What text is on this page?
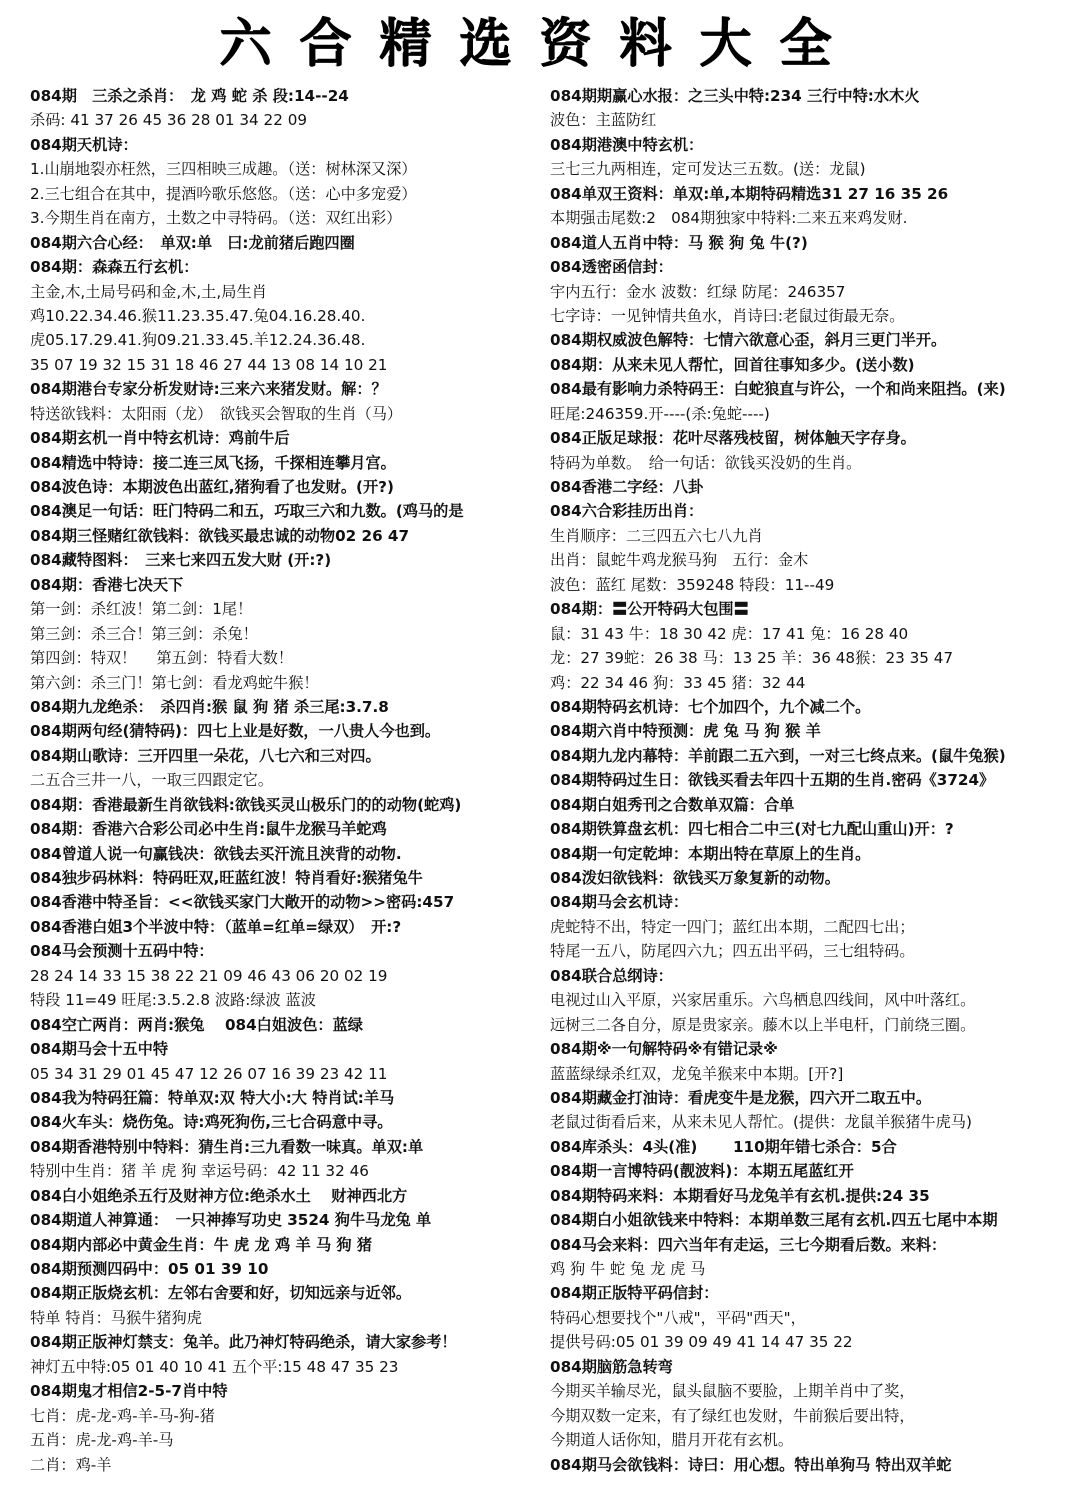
六合精选资料大全
084期　三杀之杀肖：　龙 鸡 蛇 杀 段:14--24
杀码: 41 37 26 45 36 28 01 34 22 09
084期天机诗：
1.山崩地裂亦枉然，三四相映三成趣。（送：树林深又深）
2.三七组合在其中，提酒吟歌乐悠悠。（送：心中多宠爱）
3.今期生肖在南方，土数之中寻特码。（送：双红出彩）
084期六合心经：　单双:单　曰:龙前猪后跑四圈
084期：森森五行玄机：
主金,木,土局号码和金,木,土,局生肖
鸡10.22.34.46.猴11.23.35.47.兔04.16.28.40.
虎05.17.29.41.狗09.21.33.45.羊12.24.36.48.
35 07 19 32 15 31 18 46 27 44 13 08 14 10 21
084期港台专家分析发财诗:三来六来猪发财。解：？
特送欲钱料：太阳雨（龙）　欲钱买会智取的生肖（马）
084期玄机一肖中特玄机诗：鸡前牛后
084精选中特诗：接二连三凤飞扬，千探相连攀月宫。
084波色诗：本期波色出蓝红,猪狗看了也发财。(开?)
084澳足一句话：旺门特码二和五，巧取三六和九数。(鸡马的是
084期三怪赌红欲钱料：欲钱买最忠诚的动物02 26 47
084藏特图料：　三来七来四五发大财 (开:?)
084期：香港七决天下
第一剑：杀红波！第二剑：1尾！
第三剑：杀三合！第三剑：杀兔！
第四剑：特双！　 第五剑：特看大数！
第六剑：杀三门！第七剑：看龙鸡蛇牛猴！
084期九龙绝杀：　杀四肖:猴 鼠 狗 猪 杀三尾:3.7.8
084期两句经(猜特码)：四七上业是好数，一八贵人今也到。
084期山歌诗：三开四里一朵花，八七六和三对四。
二五合三井一八，一取三四跟定它。
084期：香港最新生肖欲钱料:欲钱买灵山极乐门的的动物(蛇鸡)
084期：香港六合彩公司必中生肖:鼠牛龙猴马羊蛇鸡
084曾道人说一句赢钱决：欲钱去买汗流且浃背的动物.
084独步码林料：特码旺双,旺蓝红波！特肖看好:猴猪兔牛
084香港中特圣旨：<<欲钱买家门大敞开的动物>>密码:457
084香港白姐3个半波中特：（蓝单=红单=绿双）　开:?
084马会预测十五码中特：
28 24 14 33 15 38 22 21 09 46 43 06 20 02 19
特段 11=49 旺尾:3.5.2.8 波路:绿波 蓝波
084空亡两肖：两肖:猴兔　 084白姐波色：蓝绿
084期马会十五中特
05 34 31 29 01 45 47 12 26 07 16 39 23 42 11
084我为特码狂篇：特单双:双 特大小:大 特肖试:羊马
084火车头：烧伤兔。诗:鸡死狗伤,三七合码意中寻。
084期香港特别中特料：猜生肖:三九看数一味真。单双:单
特别中生肖：猪 羊 虎 狗 幸运号码：42 11 32 46
084白小姐绝杀五行及财神方位:绝杀水土　 财神西北方
084期道人神算通：　一只神捧写功史 3524 狗牛马龙兔 单
084期内部必中黄金生肖：牛 虎 龙 鸡 羊 马 狗 猪
084期预测四码中：05 01 39 10
084期正版烧玄机：左邻右舍要和好，切知远亲与近邻。
特单 特肖：马猴牛猪狗虎
084期正版神灯禁支：兔羊。此乃神灯特码绝杀，请大家参考！
神灯五中特:05 01 40 10 41 五个平:15 48 47 35 23
084期鬼才相信2-5-7肖中特
七肖：虎-龙-鸡-羊-马-狗-猪
五肖：虎-龙-鸡-羊-马
二肖：鸡-羊
084期期赢心水报：之三头中特:234 三行中特:水木火
波色：主蓝防红
084期港澳中特玄机：
三七三九两相连，定可发达三五数。(送：龙鼠)
084单双王资料：单双:单,本期特码精选31 27 16 35 26
本期强击尾数:2　084期独家中特料:二来五来鸡发财.
084道人五肖中特：马 猴 狗 兔 牛(?)
084透密函信封：
宇内五行：金水 波数：红绿 防尾：246357
七字诗：一见钟情共鱼水，肖诗曰:老鼠过街最无奈。
084期权威波色解特：七情六欲意心歪，斜月三更门半开。
084期：从来未见人帮忙，回首往事知多少。(送小数)
084最有影响力杀特码王：白蛇狼直与许公，一个和尚来阻挡。(来)
旺尾:246359.开----(杀:兔蛇----)
084正版足球报：花叶尽落残枝留，树体触天字存身。
特码为单数。　给一句话：欲钱买没奶的生肖。
084香港二字经：八卦
084六合彩挂历出肖：
生肖顺序：二三四五六七八九肖
出肖：鼠蛇牛鸡龙猴马狗　五行：金木
波色：蓝红 尾数：359248 特段：11--49
084期：〓公开特码大包围〓
鼠：31 43 牛：18 30 42 虎：17 41 兔：16 28 40
龙：27 39蛇：26 38 马：13 25 羊：36 48猴：23 35 47
鸡：22 34 46 狗：33 45 猪：32 44
084期特码玄机诗：七个加四个，九个减二个。
084期六肖中特预测：虎 兔 马 狗 猴 羊
084期九龙内幕特：羊前跟二五六到，一对三七终点来。(鼠牛兔猴)
084期特码过生日：欲钱买看去年四十五期的生肖.密码《3724》
084期白姐秀刊之合数单双篇：合单
084期铁算盘玄机：四七相合二中三(对七九配山重山)开：?
084期一句定乾坤：本期出特在草原上的生肖。
084泼妇欲钱料：欲钱买万象复新的动物。
084期马会玄机诗：
虎蛇特不出，特定一四门；蓝红出本期，二配四七出；
特尾一五八，防尾四六九；四五出平码，三七组特码。
084联合总纲诗：
电视过山入平原，兴家居重乐。六鸟栖息四线间，风中叶落红。
远树三二各自分，原是贵家亲。藤木以上半电杆，门前绕三圈。
084期※一句解特码※有错记录※
蓝蓝绿绿杀红双，龙兔羊猴来中本期。[开?]
084期藏金打油诗：看虎变牛是龙猴，四六开二取五中。
老鼠过街看后来，从来未见人帮忙。(提供：龙鼠羊猴猪牛虎马)
084库杀头：4头(准)　　 110期年错七杀合：5合
084期一言博特码(靓波料)：本期五尾蓝红开
084期特码来料：本期看好马龙兔羊有玄机.提供:24 35
084期白小姐欲钱来中特料：本期单数三尾有玄机.四五七尾中本期
084马会来料：四六当年有走运，三七今期看后数。来料：
鸡 狗 牛 蛇 兔 龙 虎 马
084期正版特平码信封：
特码心想要找个"八戒"，平码"西天"，
提供号码:05 01 39 09 49 41 14 47 35 22
084期脑筋急转弯
今期买羊输尽光，鼠头鼠脑不要脸，上期羊肖中了奖，
今期双数一定来，有了绿红也发财，牛前猴后要出特，
今期道人话你知，腊月开花有玄机。
084期马会欲钱料：诗曰：用心想。特出单狗马 特出双羊蛇
